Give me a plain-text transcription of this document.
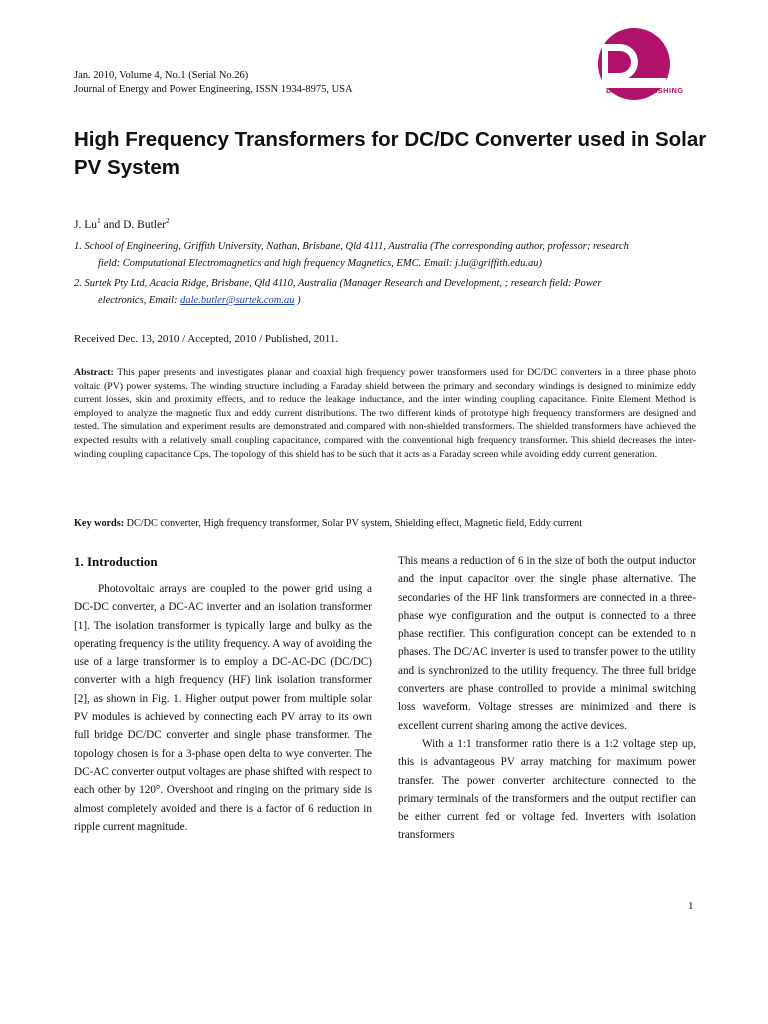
Jan. 2010, Volume 4, No.1 (Serial No.26)
Journal of Energy and Power Engineering, ISSN 1934-8975, USA	DAVID PUBLISHING
High Frequency Transformers for DC/DC Converter used in Solar PV System
J. Lu$^1$ and D. Butler$^2$
1. School of Engineering, Griffith University, Nathan, Brisbane, Qld 4111, Australia (The corresponding author, professor; research
field: Computational Electromagnetics and high frequency Magnetics, EMC. Email: j.lu@griffith.edu.au)
2. Surtek Pty Ltd, Acacia Ridge, Brisbane, Qld 4110, Australia (Manager Research and Development, ; research field: Power
electronics, Email: dale.butler@surtek.com.au )
Received Dec. 13, 2010 / Accepted, 2010 / Published, 2011.
Abstract: This paper presents and investigates planar and coaxial high frequency power transformers used for DC/DC converters in a three phase photo voltaic (PV) power systems. The winding structure including a Faraday shield between the primary and secondary windings is designed to minimize eddy current losses, skin and proximity effects, and to reduce the leakage inductance, and the inter winding coupling capacitance. Finite Element Method is employed to analyze the magnetic flux and eddy current distributions. The two different kinds of prototype high frequency transformers are designed and tested. The simulation and experiment results are demonstrated and compared with non-shielded transformers. The shielded transformers have achieved the expected results with a relatively small coupling capacitance, compared with the conventional high frequency transformer. This shield decreases the inter-winding coupling capacitance Cps. The topology of this shield has to be such that it acts as a Faraday screen while avoiding eddy current generation.
Key words: DC/DC converter, High frequency transformer, Solar PV system, Shielding effect, Magnetic field, Eddy current
1. Introduction

Photovoltaic arrays are coupled to the power grid using a DC-DC converter, a DC-AC inverter and an isolation transformer [1]. The isolation transformer is typically large and bulky as the operating frequency is the utility frequency. A way of avoiding the use of a large transformer is to employ a DC-AC-DC (DC/DC) converter with a high frequency (HF) link isolation transformer [2], as shown in Fig. 1. Higher output power from multiple solar PV modules is achieved by connecting each PV array to its own full bridge DC/DC converter and single phase transformer. The topology chosen is for a 3-phase open delta to wye converter. The DC-AC converter output voltages are phase shifted with respect to each other by 120°. Overshoot and ringing on the primary side is almost completely avoided and there is a factor of 6 reduction in ripple current magnitude.

This means a reduction of 6 in the size of both the output inductor and the input capacitor over the single phase alternative. The secondaries of the HF link transformers are connected in a three-phase wye configuration and the output is connected to a three phase rectifier. This configuration concept can be extended to n phases. The DC/AC inverter is used to transfer power to the utility and is synchronized to the utility frequency. The three full bridge converters are phase controlled to provide a minimal switching loss waveform. Voltage stresses are minimized and there is excellent current sharing among the active devices.

With a 1:1 transformer ratio there is a 1:2 voltage step up, this is advantageous PV array matching for maximum power transfer. The power converter architecture connected to the primary terminals of the transformers and the output rectifier can be either current fed or voltage fed. Inverters with isolation transformers

1
